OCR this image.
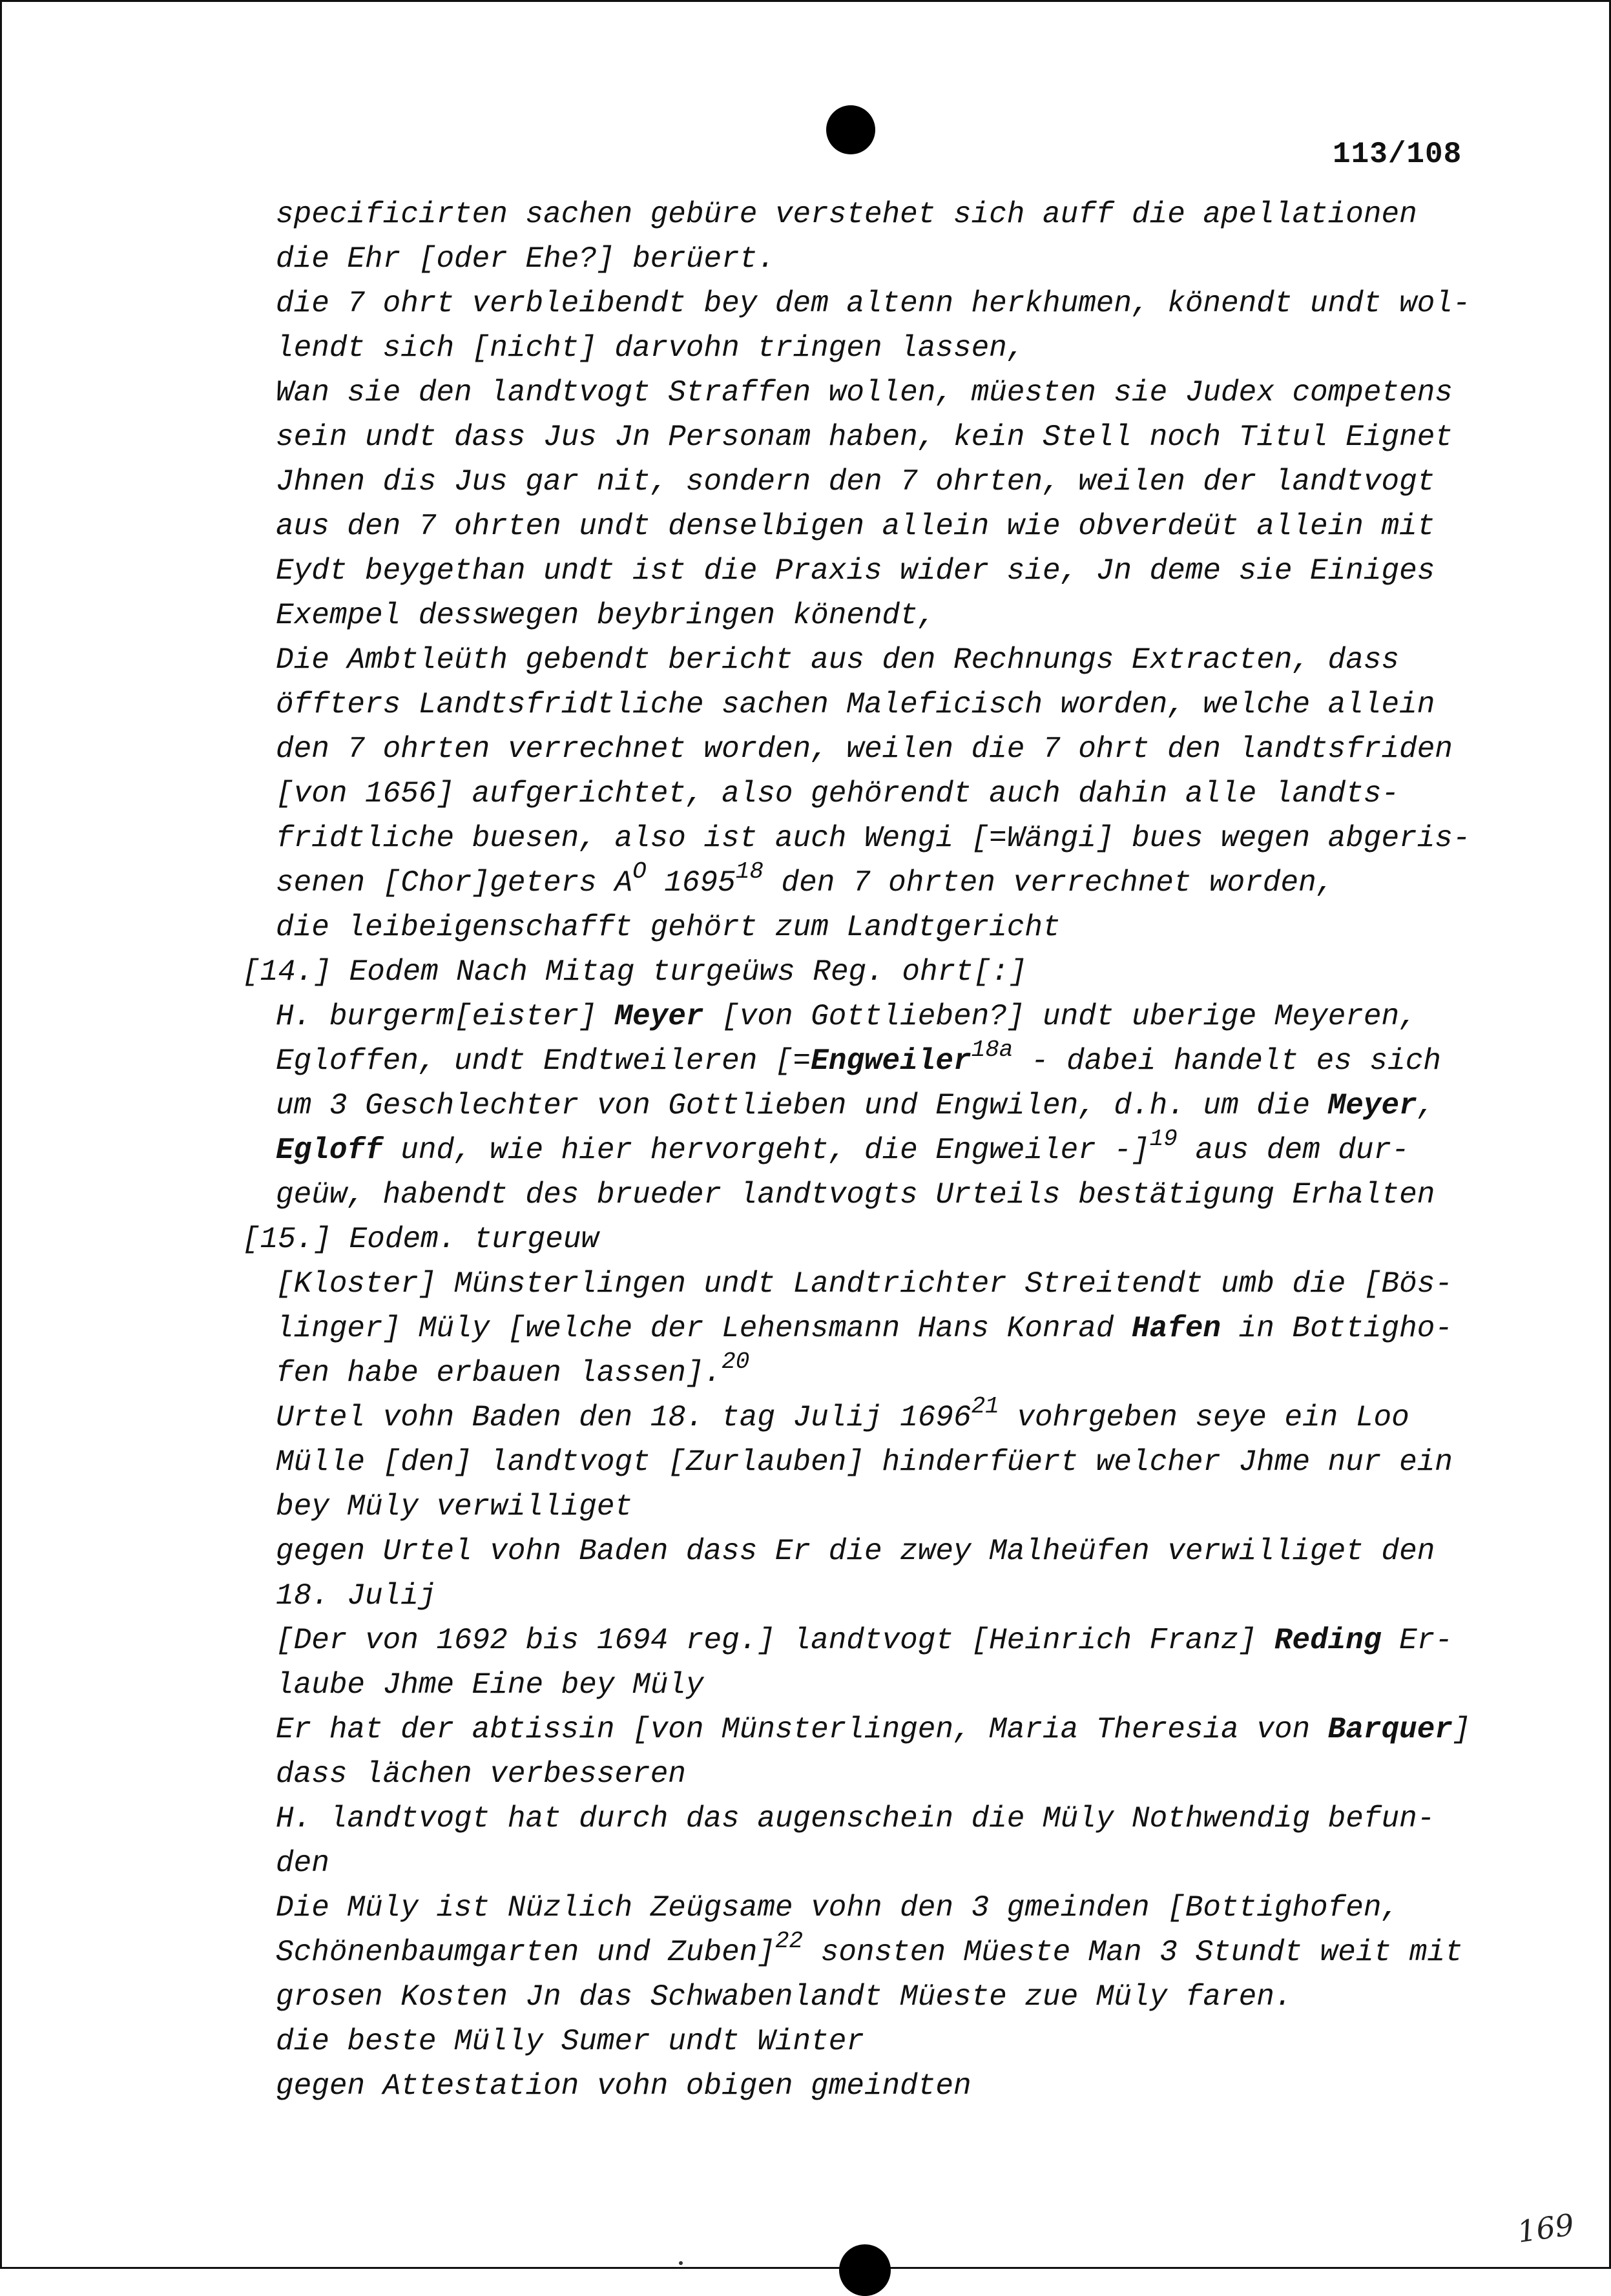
113/108
specificirten sachen gebüre verstehet sich auff die apellationen
die Ehr [oder Ehe?] berüert.
die 7 ohrt verbleibendt bey dem altenn herkhumen, könendt undt wol-
lendt sich [nicht] darvohn tringen lassen,
Wan sie den landtvogt Straffen wollen, müesten sie Judex competens
sein undt dass Jus Jn Personam haben, kein Stell noch Titul Eignet
Jhnen dis Jus gar nit, sondern den 7 ohrten, weilen der landtvogt
aus den 7 ohrten undt denselbigen allein wie obverdeüt allein mit
Eydt beygethan undt ist die Praxis wider sie, Jn deme sie Einiges
Exempel desswegen beybringen könendt,
Die Ambtleüth gebendt bericht aus den Rechnungs Extracten, dass
öffters Landtsfridtliche sachen Maleficisch worden, welche allein
den 7 ohrten verrechnet worden, weilen die 7 ohrt den landtsfriden
[von 1656] aufgerichtet, also gehörendt auch dahin alle landts-
fridtliche buesen, also ist auch Wengi [=Wängi] bues wegen abgeris-
senen [Chor]geters $A^O$ 1695$^{18}$ den 7 ohrten verrechnet worden,
die leibeigenschafft gehört zum Landtgericht
[14.] Eodem Nach Mitag turgeüws Reg. ohrt[:]
H. burgerm[eister] Meyer [von Gottlieben?] undt uberige Meyeren,
Egloffen, undt Endtweileren [=Engweiler$^{18a}$ - dabei handelt es sich
um 3 Geschlechter von Gottlieben und Engwilen, d.h. um die Meyer,
Egloff und, wie hier hervorgeht, die Engweiler -]$^{19}$ aus dem dur-
geüw, habendt des brueder landtvogts Urteils bestätigung Erhalten
[15.] Eodem. turgeuw
[Kloster] Münsterlingen undt Landtrichter Streitendt umb die [Bös-
linger] Müly [welche der Lehensmann Hans Konrad Hafen in Bottigho-
fen habe erbauen lassen].$^{20}$
Urtel vohn Baden den 18. tag Julij 1696$^{21}$ vohrgeben seye ein Loo
Mülle [den] landtvogt [Zurlauben] hinderfüert welcher Jhme nur ein
bey Müly verwilliget
gegen Urtel vohn Baden dass Er die zwey Malheüfen verwilliget den
18. Julij
[Der von 1692 bis 1694 reg.] landtvogt [Heinrich Franz] Reding Er-
laube Jhme Eine bey Müly
Er hat der abtissin [von Münsterlingen, Maria Theresia von Barquer]
dass lächen verbesseren
H. landtvogt hat durch das augenschein die Müly Nothwendig befun-
den
Die Müly ist Nüzlich Zeügsame vohn den 3 gmeinden [Bottighofen,
Schönenbaumgarten und Zuben]$^{22}$ sonsten Müeste Man 3 Stundt weit mit
grosen Kosten Jn das Schwabenlandt Müeste zue Müly faren.
die beste Mülly Sumer undt Winter
gegen Attestation vohn obigen gmeindten
169
